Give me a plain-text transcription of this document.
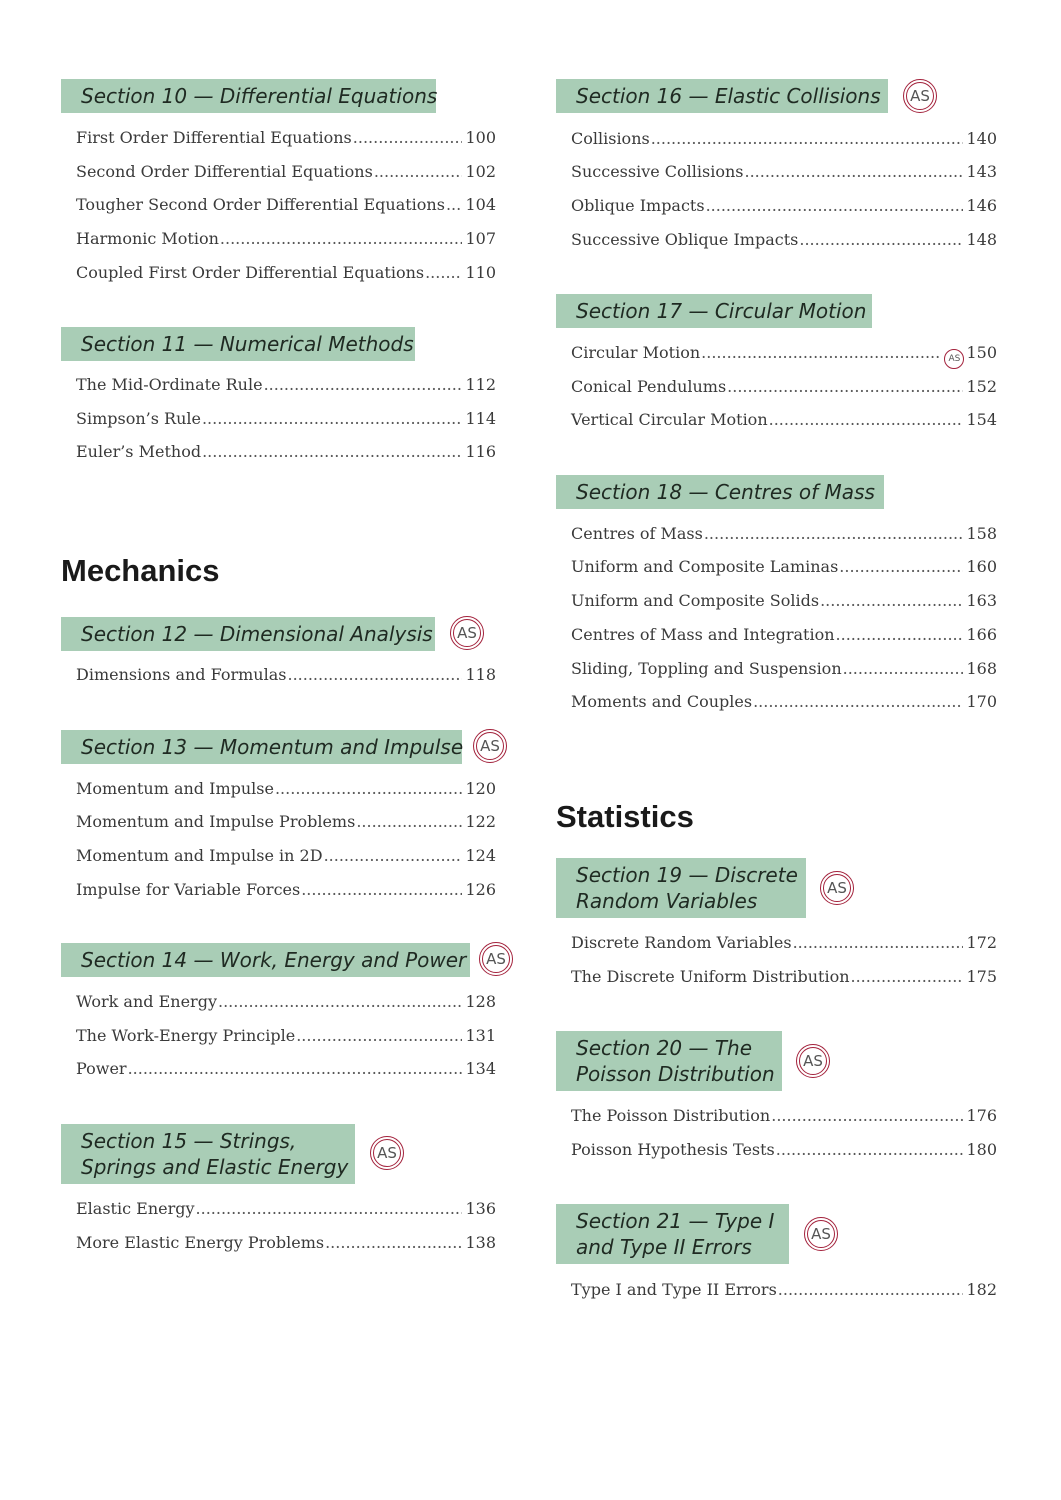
Section 10 — Differential Equations
First Order Differential Equations .....	100
Second Order Differential Equations .....	102
Tougher Second Order Differential Equations ..... 104
Harmonic Motion .....	107
Coupled First Order Differential Equations .....	110
Section 11 — Numerical Methods
The Mid-Ordinate Rule .....	112
Simpson’s Rule .....	114
Euler’s Method .....	116
Mechanics
Section 12 — Dimensional Analysis AS
Dimensions and Formulas .....	118
Section 13 — Momentum and Impulse AS
Momentum and Impulse .....	120
Momentum and Impulse Problems .....	122
Momentum and Impulse in 2D .....	124
Impulse for Variable Forces .....	126
Section 14 — Work, Energy and Power AS
Work and Energy .....	128
The Work-Energy Principle .....	131
Power .....	134
Section 15 — Strings,
Springs and Elastic Energy
AS
Elastic Energy .....	136
More Elastic Energy Problems .....	138
Section 16 — Elastic Collisions AS
Collisions .....	140
Successive Collisions .....	143
Oblique Impacts .....	146
Successive Oblique Impacts .....	148
Section 17 — Circular Motion
Circular Motion .....	AS 150
Conical Pendulums .....	152
Vertical Circular Motion .....	154
Section 18 — Centres of Mass
Centres of Mass .....	158
Uniform and Composite Laminas .....	160
Uniform and Composite Solids .....	163
Centres of Mass and Integration .....	166
Sliding, Toppling and Suspension .....	168
Moments and Couples .....	170
Statistics
Section 19 — Discrete
Random Variables
AS
Discrete Random Variables .....	172
The Discrete Uniform Distribution .....	175
Section 20 — The
Poisson Distribution
AS
The Poisson Distribution .....	176
Poisson Hypothesis Tests .....	180
Section 21 — Type I
and Type II Errors
AS
Type I and Type II Errors .....	182
